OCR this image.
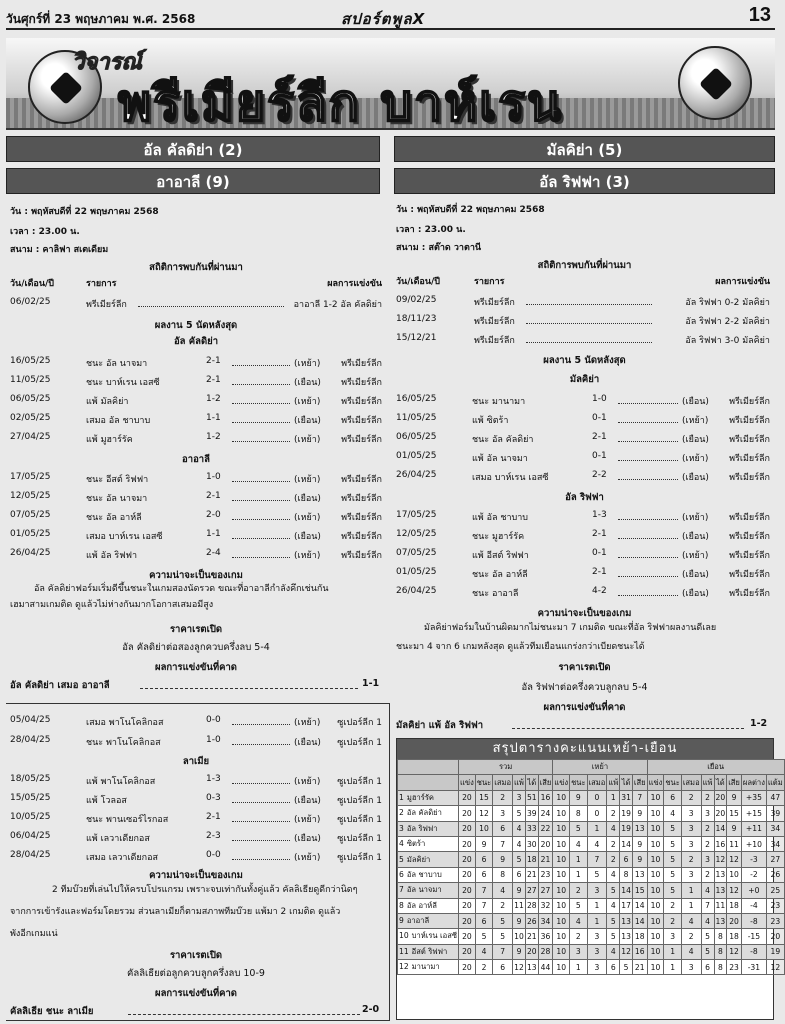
วันศุกร์ที่ 23 พฤษภาคม พ.ศ. 2568	สปอร์ตพูลX	13
วิจารณ์
พรีเมียร์ลีก บาห์เรน
อัล คัลดิย่า (2)
อาอาลี (9)
วัน : พฤหัสบดีที่ 22 พฤษภาคม 2568
เวลา : 23.00 น.
สนาม : คาลิฟา สเตเดียม
สถิติการพบกันที่ผ่านมา
วัน/เดือน/ปี	รายการ	ผลการแข่งขัน
06/02/25	พรีเมียร์ลีก	อาอาลี 1-2 อัล คัลดิย่า
ผลงาน 5 นัดหลังสุด
อัล คัลดิย่า
16/05/25	ชนะ อัล นาจมา	2-1	(เหย้า) พรีเมียร์ลีก
11/05/25	ชนะ บาห์เรน เอสซี	2-1	(เยือน) พรีเมียร์ลีก
06/05/25	แพ้ มัลคิย่า	1-2	(เหย้า) พรีเมียร์ลีก
02/05/25	เสมอ อัล ชาบาบ	1-1	(เยือน) พรีเมียร์ลีก
27/04/25	แพ้ มูฮาร์รัค	1-2	(เหย้า) พรีเมียร์ลีก
อาอาลี
17/05/25	ชนะ อีสต์ ริฟฟา	1-0	(เหย้า) พรีเมียร์ลีก
12/05/25	ชนะ อัล นาจมา	2-1	(เยือน) พรีเมียร์ลีก
07/05/25	ชนะ อัล อาห์ลี	2-0	(เหย้า) พรีเมียร์ลีก
01/05/25	เสมอ บาห์เรน เอสซี	1-1	(เยือน) พรีเมียร์ลีก
26/04/25	แพ้ อัล ริฟฟา	2-4	(เหย้า) พรีเมียร์ลีก
ความน่าจะเป็นของเกม
อัล คัลดิย่าฟอร์มเริ่มดีขึ้นชนะในเกมสองนัดรวด ขณะที่อาอาลีกำลังคึกเช่นกัน
เฮมาสามเกมติด ดูแล้วไม่ห่างกันมากโอกาสเสมอมีสูง
ราคาเรตเปิด
อัล คัลดิย่าต่อสองลูกควบครึ่งลบ 5-4
ผลการแข่งขันที่คาด
อัล คัลดิย่า เสมอ อาอาลี	1-1
05/04/25	เสมอ พาโนโคลิกอส	0-0	(เหย้า) ซูเปอร์ลีก 1
28/04/25	ชนะ พาโนโคลิกอส	1-0	(เยือน) ซูเปอร์ลีก 1
ลาเมีย
18/05/25	แพ้ พาโนโคลิกอส	1-3	(เหย้า) ซูเปอร์ลีก 1
15/05/25	แพ้ โวลอส	0-3	(เยือน) ซูเปอร์ลีก 1
10/05/25	ชนะ พานเซอร์ไรกอส	2-1	(เหย้า) ซูเปอร์ลีก 1
06/04/25	แพ้ เลวาเดียกอส	2-3	(เยือน) ซูเปอร์ลีก 1
28/04/25	เสมอ เลวาเดียกอส	0-0	(เหย้า) ซูเปอร์ลีก 1
ความน่าจะเป็นของเกม
2 ทีมบ๊วยที่เล่นไปให้ครบโปรแกรม เพราะจบเท่ากันทั้งคู่แล้ว คัลลิเธียดูดีกว่านิดๆ
จากการเข้ารังและฟอร์มโดยรวม ส่วนลาเมียก็ตามสภาพทีมบ๊วย แพ้มา 2 เกมติด ดูแล้ว
พังอีกเกมแน่
ราคาเรตเปิด
คัลลิเธียต่อลูกควบลูกครึ่งลบ 10-9
ผลการแข่งขันที่คาด
คัลลิเธีย ชนะ ลาเมีย	2-0
มัลคิย่า (5)
อัล ริฟฟา (3)
วัน : พฤหัสบดีที่ 22 พฤษภาคม 2568
เวลา : 23.00 น.
สนาม : สต๊าด วาตานี
สถิติการพบกันที่ผ่านมา
วัน/เดือน/ปี	รายการ	ผลการแข่งขัน
09/02/25	พรีเมียร์ลีก	อัล ริฟฟา 0-2 มัลคิย่า
18/11/23	พรีเมียร์ลีก	อัล ริฟฟา 2-2 มัลคิย่า
15/12/21	พรีเมียร์ลีก	อัล ริฟฟา 3-0 มัลคิย่า
ผลงาน 5 นัดหลังสุด
มัลคิย่า
16/05/25	ชนะ มานามา	1-0	(เยือน) พรีเมียร์ลีก
11/05/25	แพ้ ซิตร้า	0-1	(เหย้า) พรีเมียร์ลีก
06/05/25	ชนะ อัล คัลดิย่า	2-1	(เยือน) พรีเมียร์ลีก
01/05/25	แพ้ อัล นาจมา	0-1	(เหย้า) พรีเมียร์ลีก
26/04/25	เสมอ บาห์เรน เอสซี	2-2	(เยือน) พรีเมียร์ลีก
อัล ริฟฟา
17/05/25	แพ้ อัล ชาบาบ	1-3	(เหย้า) พรีเมียร์ลีก
12/05/25	ชนะ มูฮาร์รัค	2-1	(เยือน) พรีเมียร์ลีก
07/05/25	แพ้ อีสต์ ริฟฟา	0-1	(เหย้า) พรีเมียร์ลีก
01/05/25	ชนะ อัล อาห์ลี	2-1	(เยือน) พรีเมียร์ลีก
26/04/25	ชนะ อาอาลี	4-2	(เยือน) พรีเมียร์ลีก
ความน่าจะเป็นของเกม
มัลคิย่าฟอร์มในบ้านผิดมากไม่ชนะมา 7 เกมติด ขณะที่อัล ริฟฟาผลงานดีเลย
ชนะมา 4 จาก 6 เกมหลังสุด ดูแล้วทีมเยือนแกร่งกว่าเบียดชนะได้
ราคาเรตเปิด
อัล ริฟฟาต่อครึ่งควบลูกลบ 5-4
ผลการแข่งขันที่คาด
มัลคิย่า แพ้ อัล ริฟฟา	1-2
สรุปตารางคะแนนเหย้า-เยือน
	รวม						เหย้า						เยือน							
	แข่ง	ชนะ	เสมอ	แพ้	ได้	เสีย	แข่ง	ชนะ	เสมอ	แพ้	ได้	เสีย	แข่ง	ชนะ	เสมอ	แพ้	ได้	เสีย	ผลต่าง	แต้ม
1 มูฮาร์รัค	20	15	2	3	51	16	10	9	0	1	31	7	10	6	2	2	20	9	+35	47
2 อัล คัลดิย่า	20	12	3	5	39	24	10	8	0	2	19	9	10	4	3	3	20	15	+15	39
3 อัล ริฟฟา	20	10	6	4	33	22	10	5	1	4	19	13	10	5	3	2	14	9	+11	34
4 ซิตร้า	20	9	7	4	30	20	10	4	4	2	14	9	10	5	3	2	16	11	+10	34
5 มัลคิย่า	20	6	9	5	18	21	10	1	7	2	6	9	10	5	2	3	12	12	-3	27
6 อัล ชาบาบ	20	6	8	6	21	23	10	1	5	4	8	13	10	5	3	2	13	10	-2	26
7 อัล นาจมา	20	7	4	9	27	27	10	2	3	5	14	15	10	5	1	4	13	12	+0	25
8 อัล อาห์ลี	20	7	2	11	28	32	10	5	1	4	17	14	10	2	1	7	11	18	-4	23
9 อาอาลี	20	6	5	9	26	34	10	4	1	5	13	14	10	2	4	4	13	20	-8	23
10 บาห์เรน เอสซี	20	5	5	10	21	36	10	2	3	5	13	18	10	3	2	5	8	18	-15	20
11 อีสต์ ริฟฟา	20	4	7	9	20	28	10	3	3	4	12	16	10	1	4	5	8	12	-8	19
12 มานามา	20	2	6	12	13	44	10	1	3	6	5	21	10	1	3	6	8	23	-31	12
